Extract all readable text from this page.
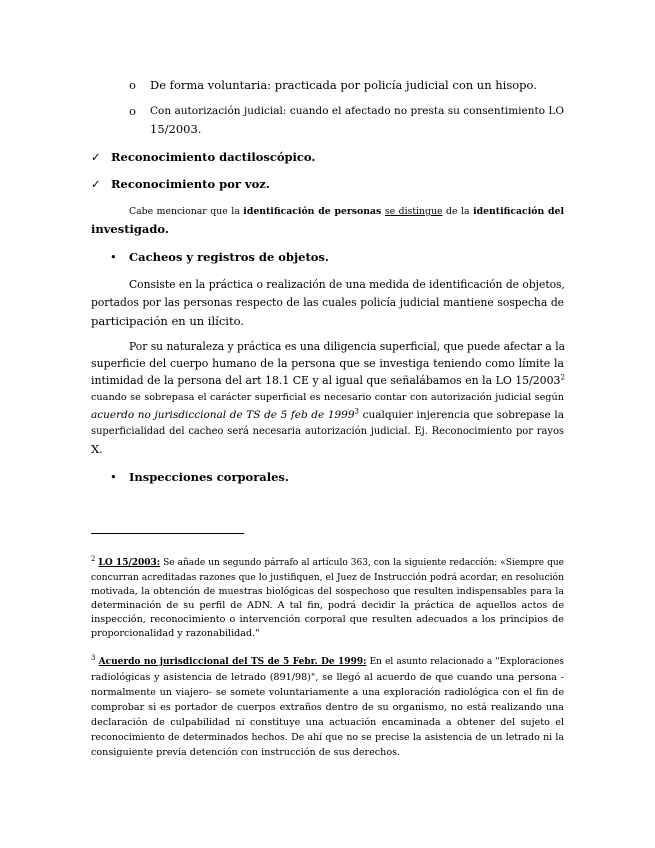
o De forma voluntaria: practicada por policía judicial con un hisopo.
o Con autorización judicial: cuando el afectado no presta su consentimiento LO
15/2003.
✓ Reconocimiento dactiloscópico.
✓ Reconocimiento por voz.
Cabe mencionar que la identificación de personas se distingue de la identificación del
investigado.
• Cacheos y registros de objetos.
Consiste en la práctica o realización de una medida de identificación de objetos,
portados por las personas respecto de las cuales policía judicial mantiene sospecha de
participación en un ilícito.
Por su naturaleza y práctica es una diligencia superficial, que puede afectar a la
superficie del cuerpo humano de la persona que se investiga teniendo como límite la
intimidad de la persona del art 18.1 CE y al igual que señalábamos en la LO 15/2003$^2$
cuando se sobrepasa el carácter superficial es necesario contar con autorización judicial según
acuerdo no jurisdiccional de TS de 5 feb de 1999$^3$ cualquier injerencia que sobrepase la
superficialidad del cacheo será necesaria autorización judicial. Ej. Reconocimiento por rayos
X.
• Inspecciones corporales.
$^2$ LO 15/2003: Se añade un segundo párrafo al artículo 363, con la siguiente redacción: «Siempre que
concurran acreditadas razones que lo justifiquen, el Juez de Instrucción podrá acordar, en resolución
motivada, la obtención de muestras biológicas del sospechoso que resulten indispensables para la
determinación de su perfil de ADN. A tal fin, podrá decidir la práctica de aquellos actos de
inspección, reconocimiento o intervención corporal que resulten adecuados a los principios de
proporcionalidad y razonabilidad."
$^3$ Acuerdo no jurisdiccional del TS de 5 Febr. De 1999: En el asunto relacionado a "Exploraciones
radiológicas y asistencia de letrado (891/98)", se llegó al acuerdo de que cuando una persona -
normalmente un viajero- se somete voluntariamente a una exploración radiológica con el fin de
comprobar si es portador de cuerpos extraños dentro de su organismo, no está realizando una
declaración de culpabilidad ni constituye una actuación encaminada a obtener del sujeto el
reconocimiento de determinados hechos. De ahí que no se precise la asistencia de un letrado ni la
consiguiente previa detención con instrucción de sus derechos.
